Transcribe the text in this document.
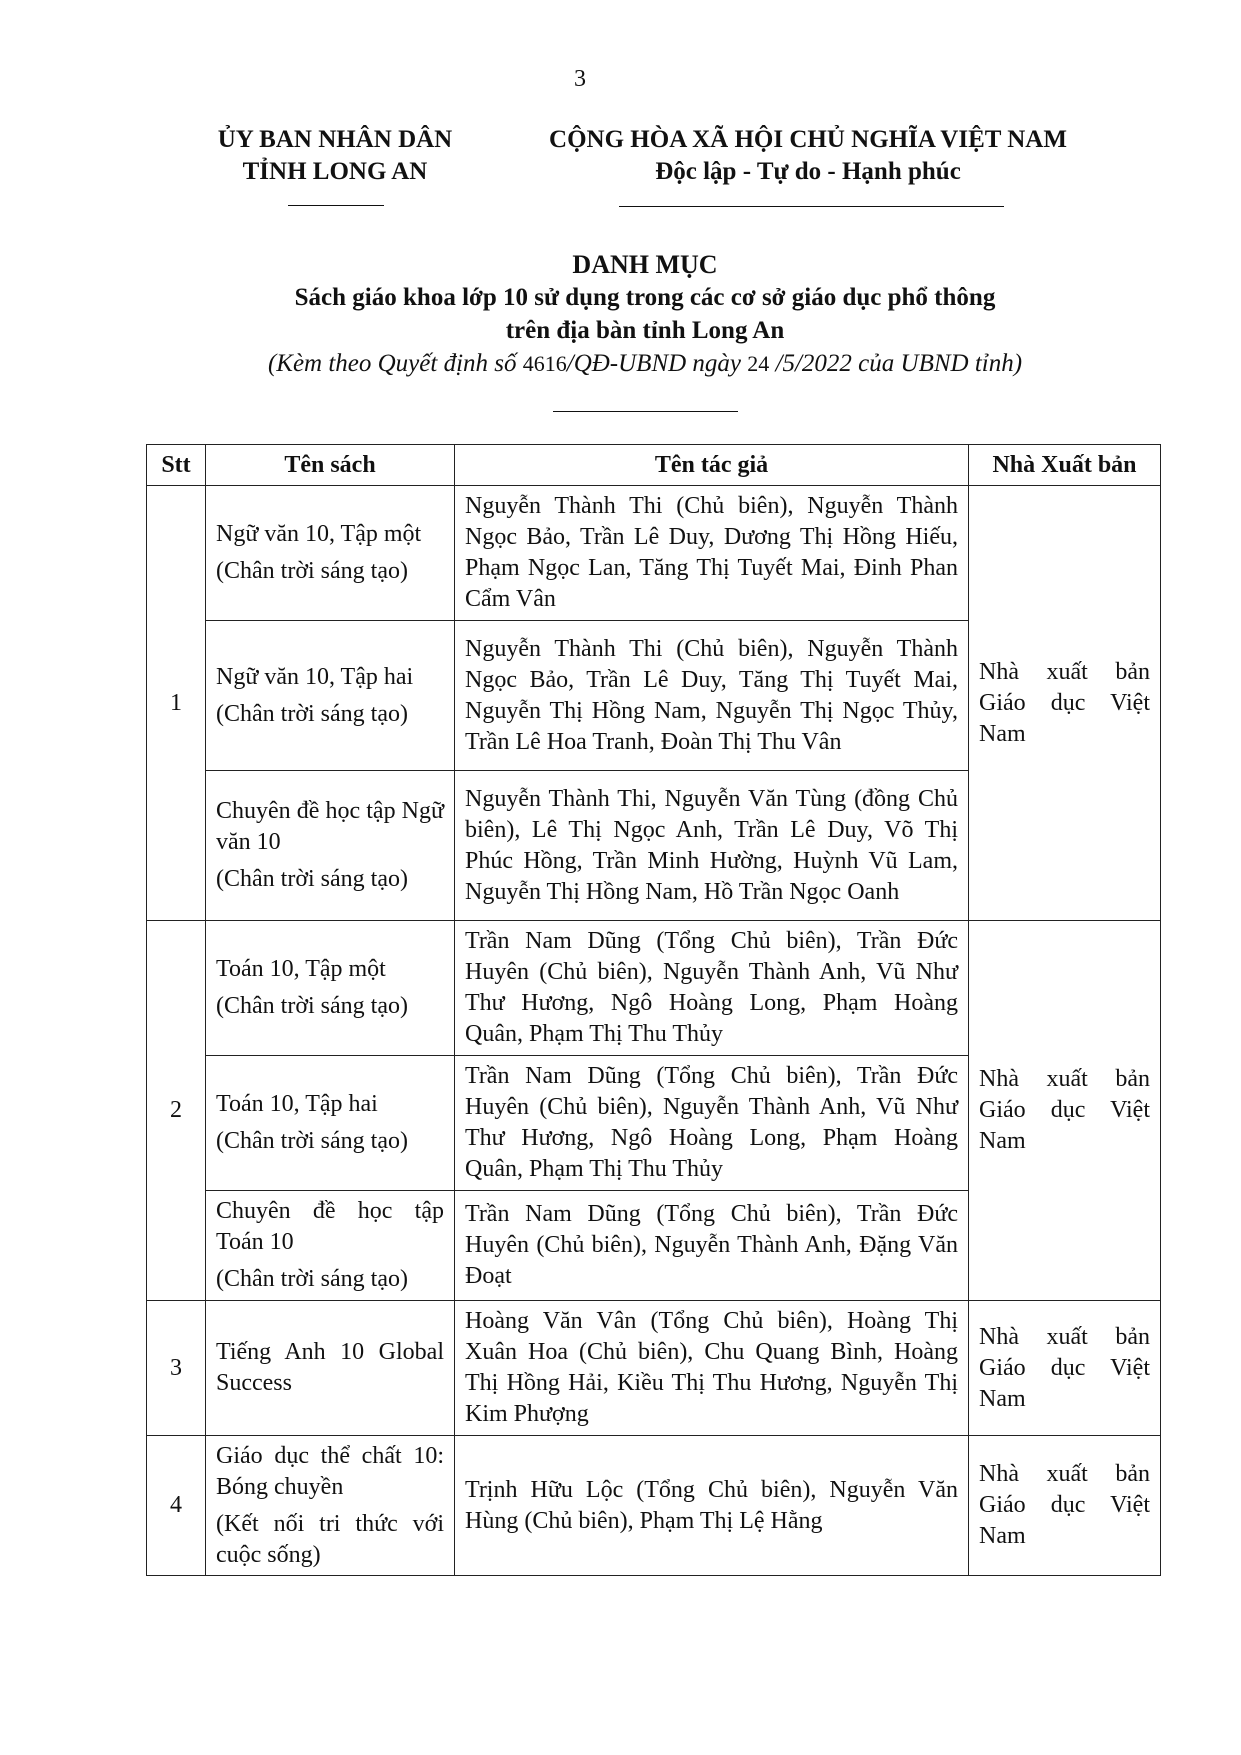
3
ỦY BAN NHÂN DÂN
TỈNH LONG AN
CỘNG HÒA XÃ HỘI CHỦ NGHĨA VIỆT NAM
Độc lập - Tự do - Hạnh phúc
DANH MỤC
Sách giáo khoa lớp 10 sử dụng trong các cơ sở giáo dục phổ thông
trên địa bàn tỉnh Long An
(Kèm theo Quyết định số 4616/QĐ-UBND ngày 24 /5/2022 của UBND tỉnh)
Stt	Tên sách	Tên tác giả	Nhà Xuất bản
1	Ngữ văn 10, Tập một
(Chân trời sáng tạo)	Nguyễn Thành Thi (Chủ biên), Nguyễn Thành Ngọc Bảo, Trần Lê Duy, Dương Thị Hồng Hiếu, Phạm Ngọc Lan, Tăng Thị Tuyết Mai, Đinh Phan Cẩm Vân	Nhà xuất bản Giáo dục Việt Nam

	Ngữ văn 10, Tập hai
(Chân trời sáng tạo)	Nguyễn Thành Thi (Chủ biên), Nguyễn Thành Ngọc Bảo, Trần Lê Duy, Tăng Thị Tuyết Mai, Nguyễn Thị Hồng Nam, Nguyễn Thị Ngọc Thủy, Trần Lê Hoa Tranh, Đoàn Thị Thu Vân	

	Chuyên đề học tập Ngữ văn 10
(Chân trời sáng tạo)	Nguyễn Thành Thi, Nguyễn Văn Tùng (đồng Chủ biên), Lê Thị Ngọc Anh, Trần Lê Duy, Võ Thị Phúc Hồng, Trần Minh Hường, Huỳnh Vũ Lam, Nguyễn Thị Hồng Nam, Hồ Trần Ngọc Oanh	
2	Toán 10, Tập một
(Chân trời sáng tạo)	Trần Nam Dũng (Tổng Chủ biên), Trần Đức Huyên (Chủ biên), Nguyễn Thành Anh, Vũ Như Thư Hương, Ngô Hoàng Long, Phạm Hoàng Quân, Phạm Thị Thu Thủy	Nhà xuất bản Giáo dục Việt Nam

	Toán 10, Tập hai
(Chân trời sáng tạo)	Trần Nam Dũng (Tổng Chủ biên), Trần Đức Huyên (Chủ biên), Nguyễn Thành Anh, Vũ Như Thư Hương, Ngô Hoàng Long, Phạm Hoàng Quân, Phạm Thị Thu Thủy	

	Chuyên đề học tập Toán 10
(Chân trời sáng tạo)	Trần Nam Dũng (Tổng Chủ biên), Trần Đức Huyên (Chủ biên), Nguyễn Thành Anh, Đặng Văn Đoạt	
3	Tiếng Anh 10 Global Success	Hoàng Văn Vân (Tổng Chủ biên), Hoàng Thị Xuân Hoa (Chủ biên), Chu Quang Bình, Hoàng Thị Hồng Hải, Kiều Thị Thu Hương, Nguyễn Thị Kim Phượng	Nhà xuất bản Giáo dục Việt Nam
4	Giáo dục thể chất 10: Bóng chuyền
(Kết nối tri thức với cuộc sống)	Trịnh Hữu Lộc (Tổng Chủ biên), Nguyễn Văn Hùng (Chủ biên), Phạm Thị Lệ Hằng	Nhà xuất bản Giáo dục Việt Nam
